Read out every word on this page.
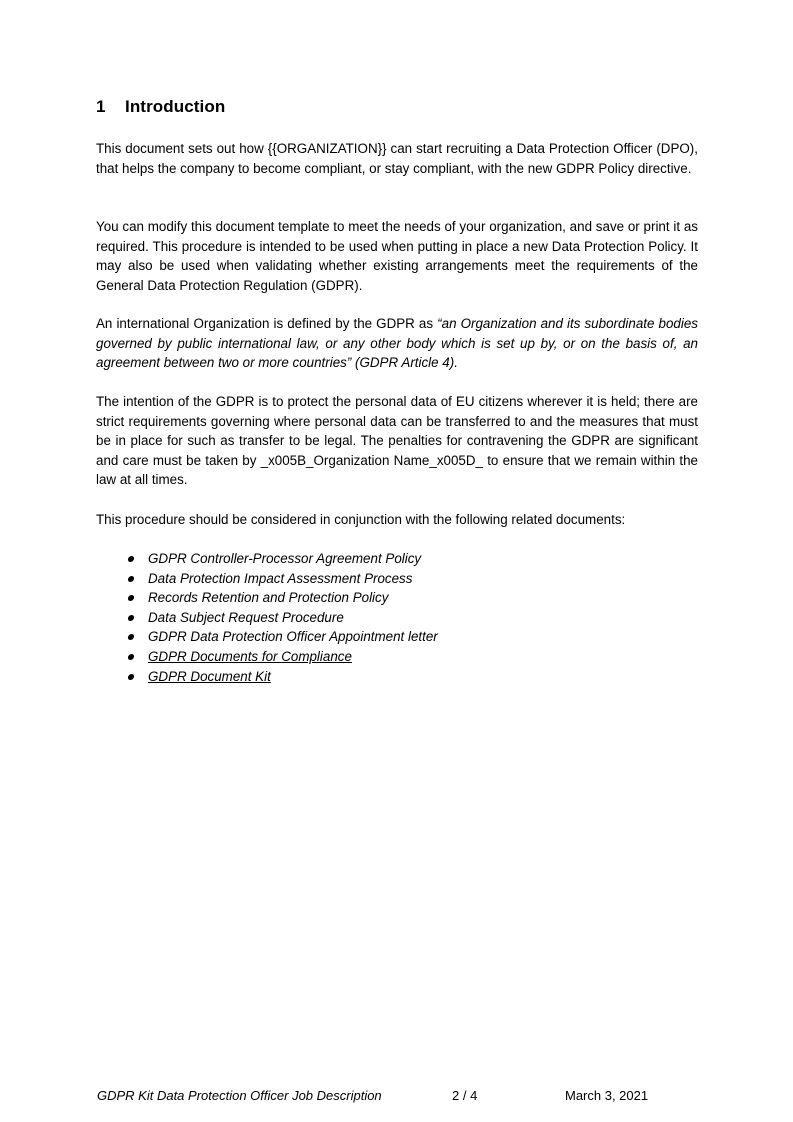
1 Introduction
This document sets out how {{ORGANIZATION}} can start recruiting a Data Protection Officer (DPO), that helps the company to become compliant, or stay compliant, with the new GDPR Policy directive.
You can modify this document template to meet the needs of your organization, and save or print it as required. This procedure is intended to be used when putting in place a new Data Protection Policy. It may also be used when validating whether existing arrangements meet the requirements of the General Data Protection Regulation (GDPR).
An international Organization is defined by the GDPR as “an Organization and its subordinate bodies governed by public international law, or any other body which is set up by, or on the basis of, an agreement between two or more countries” (GDPR Article 4).
The intention of the GDPR is to protect the personal data of EU citizens wherever it is held; there are strict requirements governing where personal data can be transferred to and the measures that must be in place for such as transfer to be legal. The penalties for contravening the GDPR are significant and care must be taken by _x005B_Organization Name_x005D_ to ensure that we remain within the law at all times.
This procedure should be considered in conjunction with the following related documents:
GDPR Controller-Processor Agreement Policy
Data Protection Impact Assessment Process
Records Retention and Protection Policy
Data Subject Request Procedure
GDPR Data Protection Officer Appointment letter
GDPR Documents for Compliance
GDPR Document Kit
GDPR Kit Data Protection Officer Job Description	2 / 4	March 3, 2021
